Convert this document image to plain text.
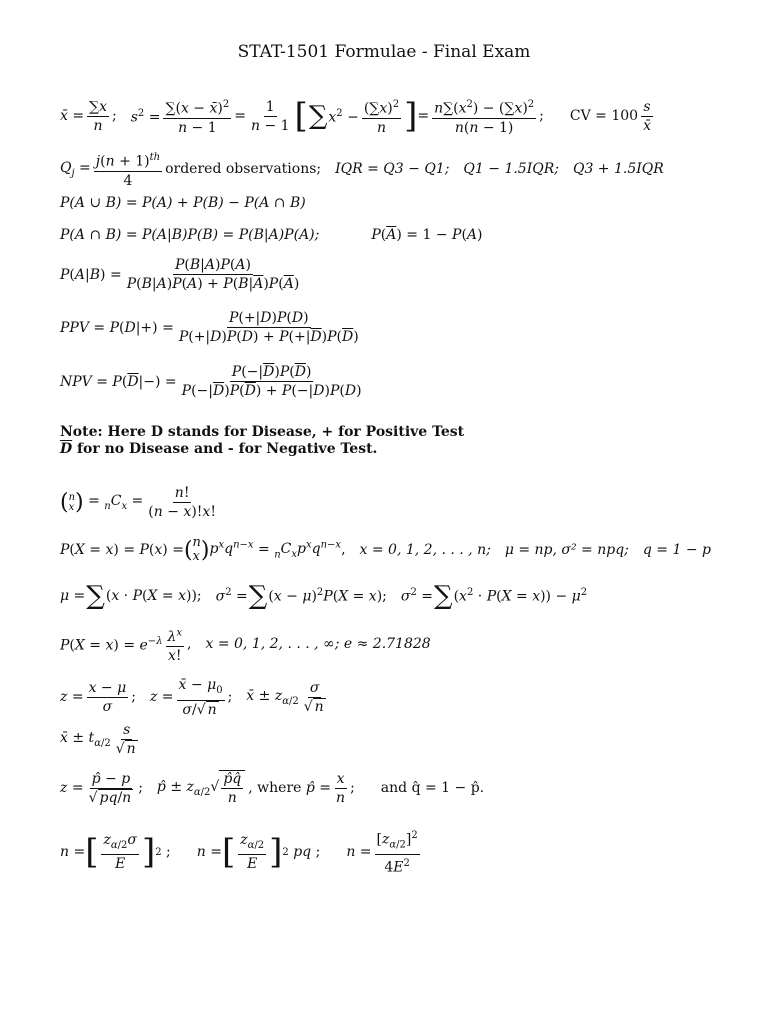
STAT-1501 Formulae - Final Exam
x̄ = $\frac{\sum x}{n}$ ; $s^2 = \frac{\sum(x - x̄)^2}{n - 1} = \frac{1}{n - 1}$ [ ∑ $x^2 - \frac{(\sum x)^2}{n}$ ] = $\frac{n\sum(x^2) - (\sum x)^2}{n(n - 1)}$ ; CV = $100 \frac{s}{x̄}$
$Q_j = \frac{j(n + 1)^{th}}{4}$ ordered observations; IQR = Q3 − Q1; Q1 − 1.5IQR; Q3 + 1.5IQR
P(A ∪ B) = P(A) + P(B) − P(A ∩ B)
P(A ∩ B) = P(A|B)P(B) = P(B|A)P(A);	$P(\overline{A}) = 1 - P(A)$
$P(A|B) = \frac{P(B|A)P(A)}{P(B|A)P(A) + P(B|\overline{A})P(\overline{A})}$
PPV = $P(D|+) = \frac{P(+|D)P(D)}{P(+|D)P(D) + P(+|\overline{D})P(\overline{D})}$
NPV = $P(\overline{D}|-) = \frac{P(-|\overline{D})P(\overline{D})}{P(-|\overline{D})P(\overline{D}) + P(-|D)P(D)}$
Note: Here D stands for Disease, + for Positive Test
$\overline{D}$ for no Disease and - for Negative Test.
( n
x ) = $_nC_x = \frac{n!}{(n - x)!x!}$
P(X = x) = P(x) = ( n
x ) $p^xq^{n-x} = _nC_xp^xq^{n-x}$, x = 0, 1, 2, . . . , n; μ = np, σ² = npq; q = 1 − p
μ = ∑ (x · P(X = x)); $\sigma^2$ = ∑ $(x - \mu)^2P(X = x)$; $\sigma^2$ = ∑ $(x^2 \cdot P(X = x)) - \mu^2$
$P(X = x) = e^{-\lambda} \frac{\lambda^x}{x!}$ , x = 0, 1, 2, . . . , ∞; e ≈ 2.71828
$z = \frac{x - \mu}{\sigma}$ ; $z = \frac{x̄ - \mu_0}{\sigma/√ n}$ ; x̄ ± $z_{\alpha/2} \frac{\sigma}{√ n}$
x̄ ± $t_{\alpha/2} \frac{s}{√ n}$
$z = \frac{p̂ - p}{√ pq/n}$ ; p̂ ± $z_{\alpha/2}√ \frac{p̂q̂}{n}$ , where p̂ = $\frac{x}{n}$ ; and q̂ = 1 − p̂.
n = [ $\frac{z_{\alpha/2}\sigma}{E}$ ] 2 ; n = [ $\frac{z_{\alpha/2}}{E}$ ] 2 pq ; $n = \frac{[z_{\alpha/2}]^2}{4E^2}$
